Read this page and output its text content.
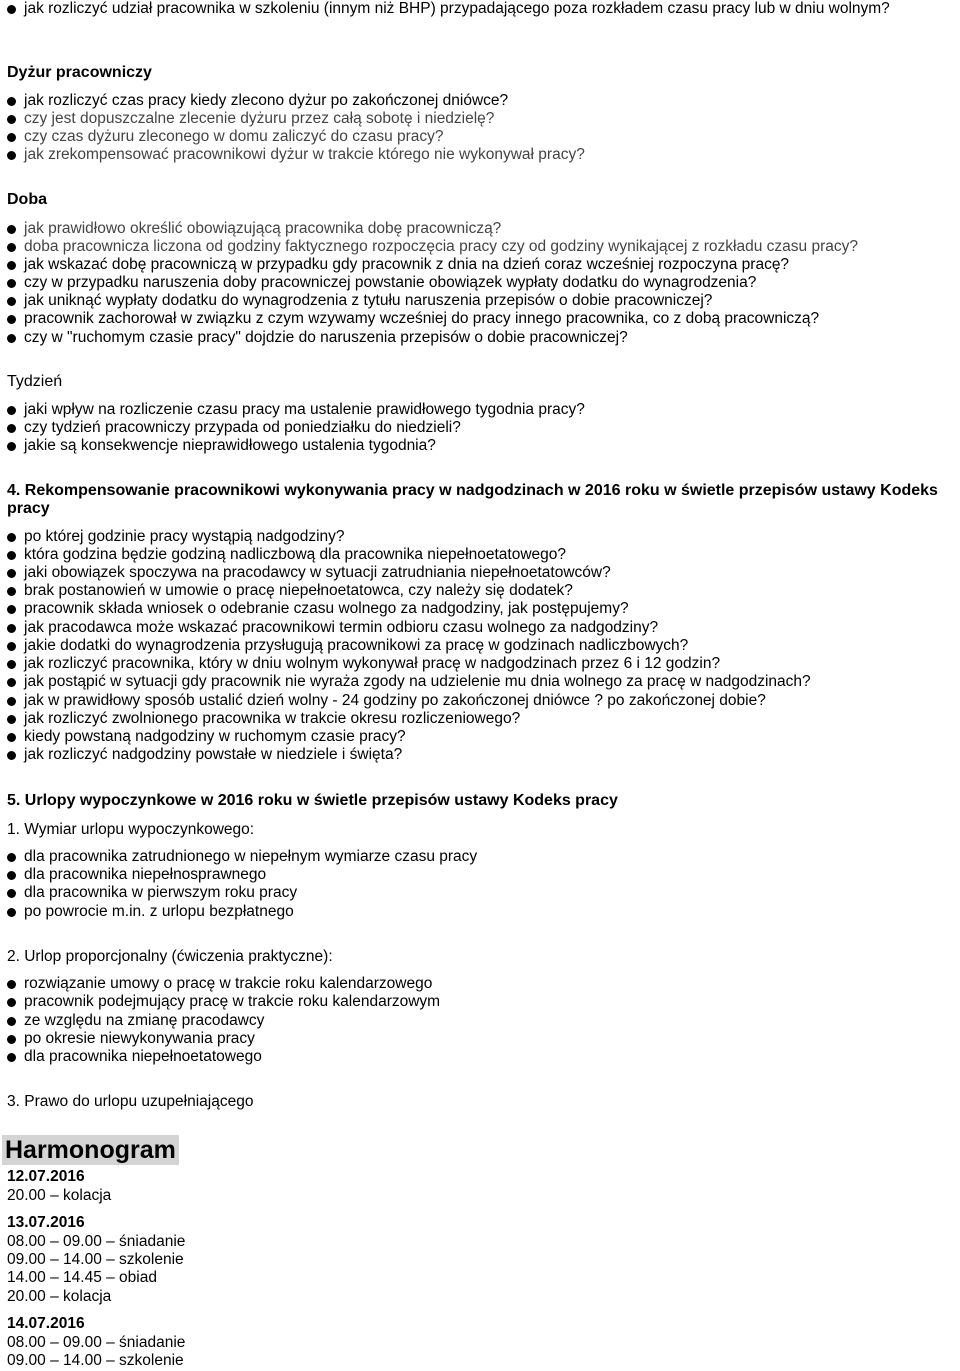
jak rozliczyć udział pracownika w szkoleniu (innym niż BHP) przypadającego poza rozkładem czasu pracy lub w dniu wolnym?
Dyżur pracowniczy
jak rozliczyć czas pracy kiedy zlecono dyżur po zakończonej dniówce?
czy jest dopuszczalne zlecenie dyżuru przez całą sobotę i niedzielę?
czy czas dyżuru zleconego w domu zaliczyć do czasu pracy?
jak zrekompensować pracownikowi dyżur w trakcie którego nie wykonywał pracy?
Doba
jak prawidłowo określić obowiązującą pracownika dobę pracowniczą?
doba pracownicza liczona od godziny faktycznego rozpoczęcia pracy czy od godziny wynikającej z rozkładu czasu pracy?
jak wskazać dobę pracowniczą w przypadku gdy pracownik z dnia na dzień coraz wcześniej rozpoczyna pracę?
czy w przypadku naruszenia doby pracowniczej powstanie obowiązek wypłaty dodatku do wynagrodzenia?
jak uniknąć wypłaty dodatku do wynagrodzenia z tytułu naruszenia przepisów o dobie pracowniczej?
pracownik zachorował w związku z czym wzywamy wcześniej do pracy innego pracownika, co z dobą pracowniczą?
czy w "ruchomym czasie pracy" dojdzie do naruszenia przepisów o dobie pracowniczej?
Tydzień
jaki wpływ na rozliczenie czasu pracy ma ustalenie prawidłowego tygodnia pracy?
czy tydzień pracowniczy przypada od poniedziałku do niedzieli?
jakie są konsekwencje nieprawidłowego ustalenia tygodnia?
4. Rekompensowanie pracownikowi wykonywania pracy w nadgodzinach w 2016 roku w świetle przepisów ustawy Kodeks pracy
po której godzinie pracy wystąpią nadgodziny?
która godzina będzie godziną nadliczbową dla pracownika niepełnoetatowego?
jaki obowiązek spoczywa na pracodawcy w sytuacji zatrudniania niepełnoetatowców?
brak postanowień w umowie o pracę niepełnoetatowca, czy należy się dodatek?
pracownik składa wniosek o odebranie czasu wolnego za nadgodziny, jak postępujemy?
jak pracodawca może wskazać pracownikowi termin odbioru czasu wolnego za nadgodziny?
jakie dodatki do wynagrodzenia przysługują pracownikowi za pracę w godzinach nadliczbowych?
jak rozliczyć pracownika, który w dniu wolnym wykonywał pracę w nadgodzinach przez 6 i 12 godzin?
jak postąpić w sytuacji gdy pracownik nie wyraża zgody na udzielenie mu dnia wolnego za pracę w nadgodzinach?
jak w prawidłowy sposób ustalić dzień wolny - 24 godziny po zakończonej dniówce ? po zakończonej dobie?
jak rozliczyć zwolnionego pracownika w trakcie okresu rozliczeniowego?
kiedy powstaną nadgodziny w ruchomym czasie pracy?
jak rozliczyć nadgodziny powstałe w niedziele i święta?
5. Urlopy wypoczynkowe w 2016 roku w świetle przepisów ustawy Kodeks pracy
1. Wymiar urlopu wypoczynkowego:
dla pracownika zatrudnionego w niepełnym wymiarze czasu pracy
dla pracownika niepełnosprawnego
dla pracownika w pierwszym roku pracy
po powrocie m.in. z urlopu bezpłatnego
2. Urlop proporcjonalny (ćwiczenia praktyczne):
rozwiązanie umowy o pracę w trakcie roku kalendarzowego
pracownik podejmujący pracę w trakcie roku kalendarzowym
ze względu na zmianę pracodawcy
po okresie niewykonywania pracy
dla pracownika niepełnoetatowego
3. Prawo do urlopu uzupełniającego
Harmonogram
12.07.2016
20.00 – kolacja
13.07.2016
08.00 – 09.00 – śniadanie
09.00 – 14.00 – szkolenie
14.00 – 14.45 – obiad
20.00 – kolacja
14.07.2016
08.00 – 09.00 – śniadanie
09.00 – 14.00 – szkolenie
